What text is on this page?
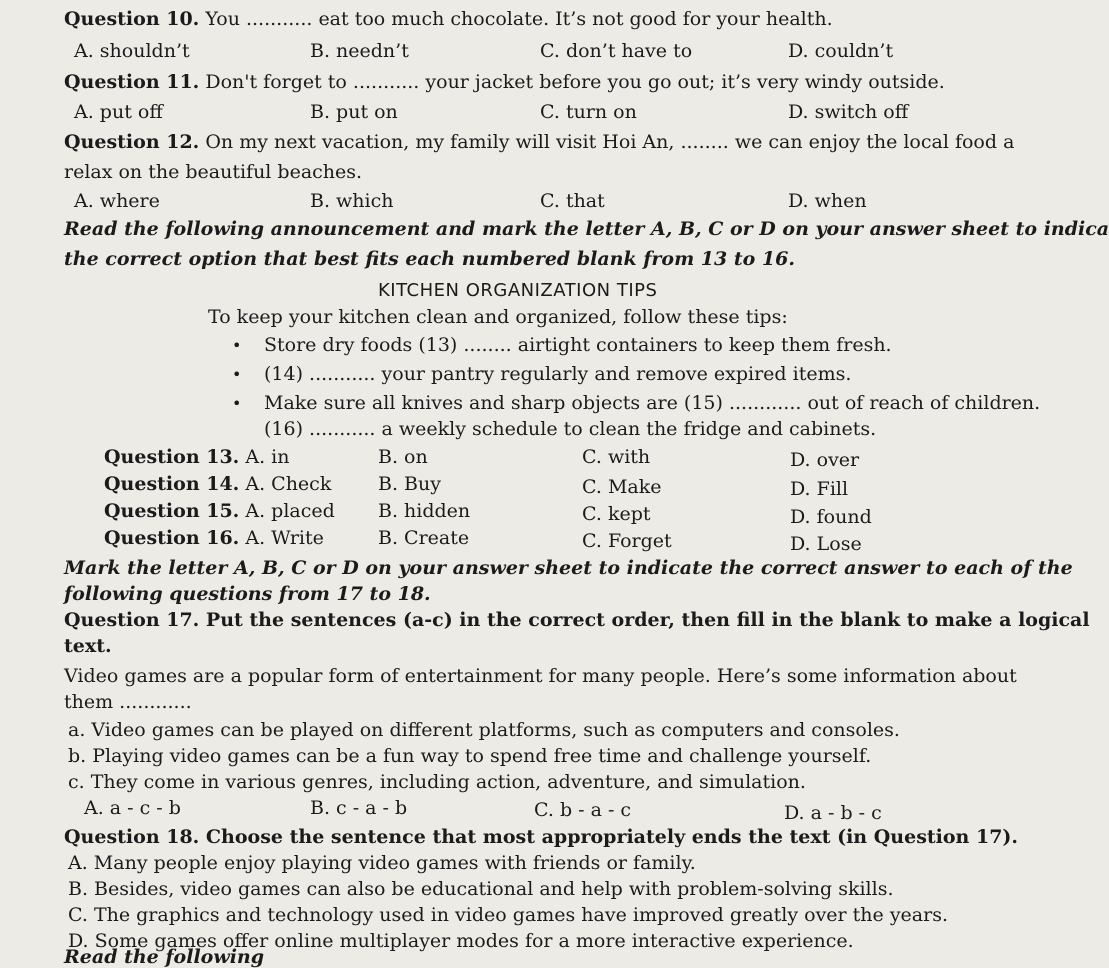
Question 10. You ........... eat too much chocolate. It’s not good for your health.
A. shouldn’t	B. needn’t	C. don’t have to	D. couldn’t
Question 11. Don't forget to ........... your jacket before you go out; it’s very windy outside.
A. put off	B. put on	C. turn on	D. switch off
Question 12. On my next vacation, my family will visit Hoi An, ........ we can enjoy the local food a
relax on the beautiful beaches.
A. where	B. which	C. that	D. when
Read the following announcement and mark the letter A, B, C or D on your answer sheet to indica
the correct option that best fits each numbered blank from 13 to 16.
KITCHEN ORGANIZATION TIPS
To keep your kitchen clean and organized, follow these tips:
• Store dry foods (13) ........ airtight containers to keep them fresh.
• (14) ........... your pantry regularly and remove expired items.
• Make sure all knives and sharp objects are (15) ............ out of reach of children.
(16) ........... a weekly schedule to clean the fridge and cabinets.
Question 13. A. in	B. on	C. with	D. over
Question 14. A. Check B. Buy	C. Make	D. Fill
Question 15. A. placed B. hidden	C. kept	D. found
Question 16. A. Write	B. Create	C. Forget	D. Lose
Mark the letter A, B, C or D on your answer sheet to indicate the correct answer to each of the
following questions from 17 to 18.
Question 17. Put the sentences (a-c) in the correct order, then fill in the blank to make a logical
text.
Video games are a popular form of entertainment for many people. Here’s some information about
them ............
a. Video games can be played on different platforms, such as computers and consoles.
b. Playing video games can be a fun way to spend free time and challenge yourself.
c. They come in various genres, including action, adventure, and simulation.
A. a - c - b	B. c - a - b	C. b - a - c	D. a - b - c
Question 18. Choose the sentence that most appropriately ends the text (in Question 17).
A. Many people enjoy playing video games with friends or family.
B. Besides, video games can also be educational and help with problem-solving skills.
C. The graphics and technology used in video games have improved greatly over the years.
D. Some games offer online multiplayer modes for a more interactive experience.
Read the following
